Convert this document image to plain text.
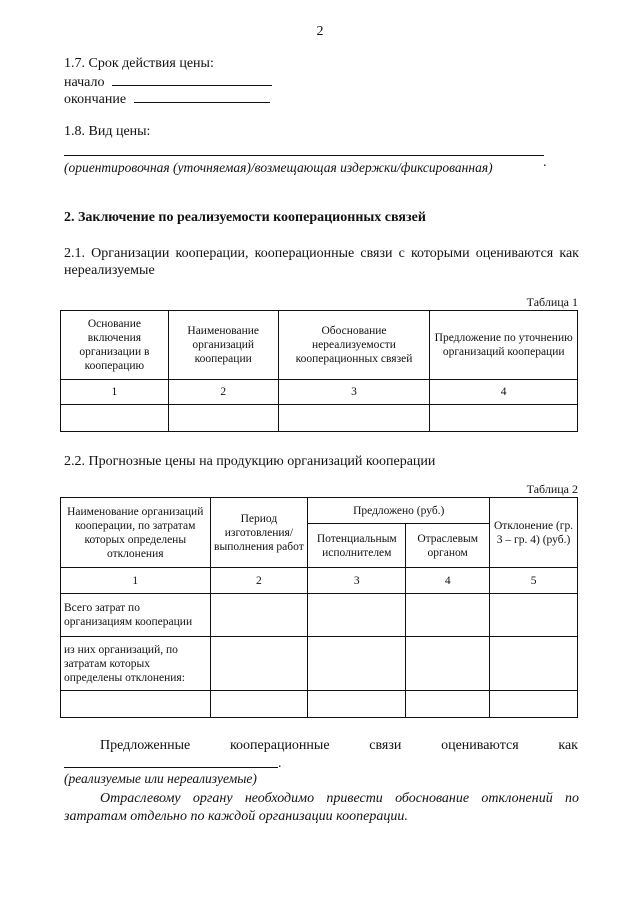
2
1.7. Срок действия цены:
начало
окончание
1.8. Вид цены:
.
(ориентировочная (уточняемая)/возмещающая издержки/фиксированная)
2. Заключение по реализуемости кооперационных связей
2.1. Организации кооперации, кооперационные связи с которыми оцениваются как нереализуемые
Таблица 1
Основание включения организации в кооперацию	Наименование организаций кооперации	Обоснование нереализуемости кооперационных связей	Предложение по уточнению организаций кооперации
1	2	3	4

2.2. Прогнозные цены на продукцию организаций кооперации
Таблица 2
Наименование организаций кооперации, по затратам которых определены отклонения	Период изготовления/ выполнения работ	Предложено (руб.)		Отклонение (гр. 3 – гр. 4) (руб.)
		Потенциальным исполнителем	Отраслевым органом	
1	2	3	4	5
Всего затрат по организациям кооперации				
из них организаций, по затратам которых определены отклонения:				

Предложенные	кооперационные	связи	оцениваются	как
.
(реализуемые или нереализуемые)
Отраслевому органу необходимо привести обоснование отклонений по затратам отдельно по каждой организации кооперации.
